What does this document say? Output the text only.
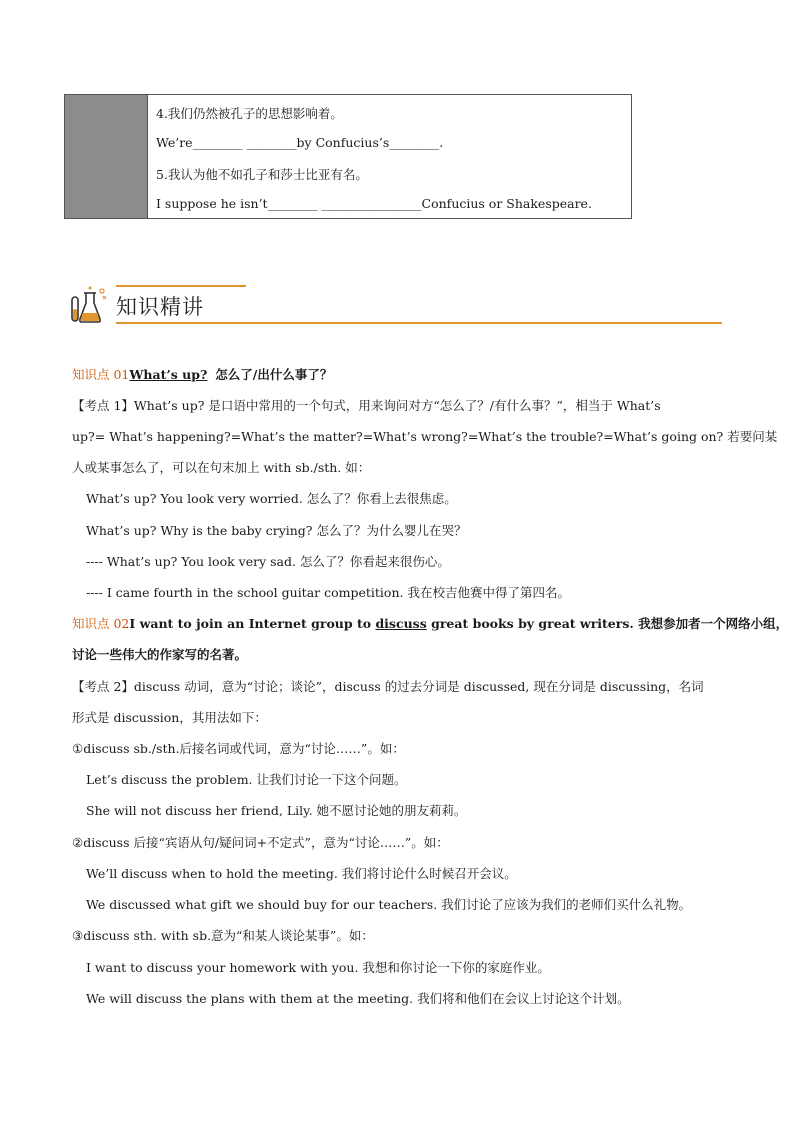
4.我们仍然被孔子的思想影响着。
We’re________ ________by Confucius’s________.
5.我认为他不如孔子和莎士比亚有名。
I suppose he isn’t________ ________________Confucius or Shakespeare.
知识精讲
知识点 01What’s up? 怎么了/出什么事了？
【考点 1】What’s up? 是口语中常用的一个句式，用来询问对方“怎么了？/有什么事？”，相当于 What’s
up?= What’s happening?=What’s the matter?=What’s wrong?=What’s the trouble?=What’s going on? 若要问某
人或某事怎么了，可以在句末加上 with sb./sth. 如：
What’s up? You look very worried. 怎么了？你看上去很焦虑。
What’s up? Why is the baby crying? 怎么了？为什么婴儿在哭？
---- What’s up? You look very sad. 怎么了？你看起来很伤心。
---- I came fourth in the school guitar competition. 我在校吉他赛中得了第四名。
知识点 02I want to join an Internet group to discuss great books by great writers. 我想参加者一个网络小组，
讨论一些伟大的作家写的名著。
【考点 2】discuss 动词，意为“讨论；谈论”，discuss 的过去分词是 discussed, 现在分词是 discussing，名词
形式是 discussion，其用法如下：
①discuss sb./sth.后接名词或代词，意为“讨论……”。如：
Let’s discuss the problem. 让我们讨论一下这个问题。
She will not discuss her friend, Lily. 她不愿讨论她的朋友莉莉。
②discuss 后接“宾语从句/疑问词+不定式”，意为“讨论……”。如：
We’ll discuss when to hold the meeting. 我们将讨论什么时候召开会议。
We discussed what gift we should buy for our teachers. 我们讨论了应该为我们的老师们买什么礼物。
③discuss sth. with sb.意为“和某人谈论某事”。如：
I want to discuss your homework with you. 我想和你讨论一下你的家庭作业。
We will discuss the plans with them at the meeting. 我们将和他们在会议上讨论这个计划。
